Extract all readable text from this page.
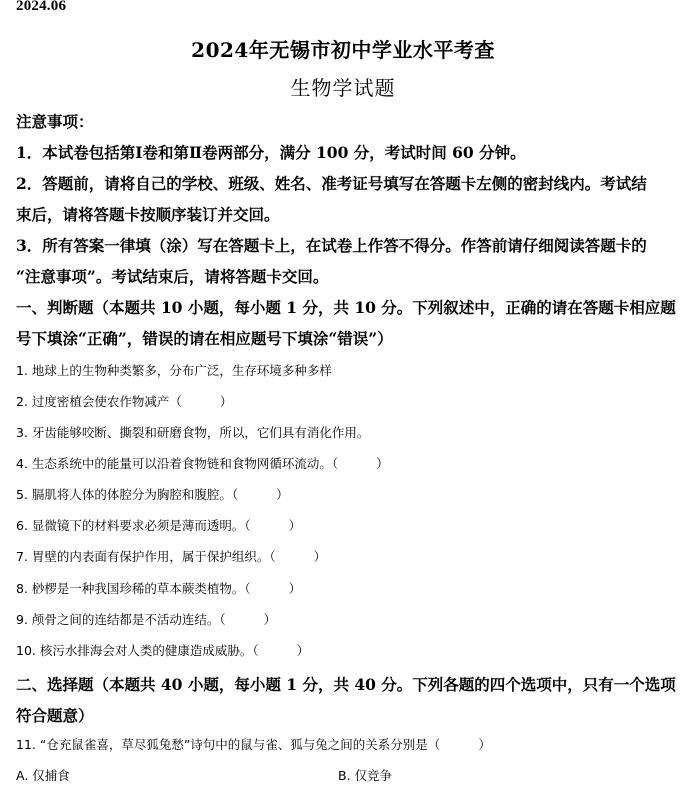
2024.06
2024年无锡市初中学业水平考查
生物学试题
注意事项：
1．本试卷包括第Ⅰ卷和第Ⅱ卷两部分，满分 100 分，考试时间 60 分钟。
2．答题前，请将自己的学校、班级、姓名、准考证号填写在答题卡左侧的密封线内。考试结
束后，请将答题卡按顺序装订并交回。
3．所有答案一律填（涂）写在答题卡上，在试卷上作答不得分。作答前请仔细阅读答题卡的
“注意事项”。考试结束后，请将答题卡交回。
一、判断题（本题共 10 小题，每小题 1 分，共 10 分。下列叙述中，正确的请在答题卡相应题
号下填涂“正确”，错误的请在相应题号下填涂“错误”）
1. 地球上的生物种类繁多，分布广泛，生存环境多种多样
2. 过度密植会使农作物减产（	）
3. 牙齿能够咬断、撕裂和研磨食物，所以，它们具有消化作用。
4. 生态系统中的能量可以沿着食物链和食物网循环流动。（	）
5. 膈肌将人体的体腔分为胸腔和腹腔。（	）
6. 显微镜下的材料要求必须是薄而透明。（	）
7. 胃壁的内表面有保护作用，属于保护组织。（	）
8. 桫椤是一种我国珍稀的草本蕨类植物。（	）
9. 颅骨之间的连结都是不活动连结。（	）
10. 核污水排海会对人类的健康造成威胁。（	）
二、选择题（本题共 40 小题，每小题 1 分，共 40 分。下列各题的四个选项中，只有一个选项
符合题意）
11. “仓充鼠雀喜，草尽狐兔愁”诗句中的鼠与雀、狐与兔之间的关系分别是（	）
A. 仅捕食	B. 仅竞争
